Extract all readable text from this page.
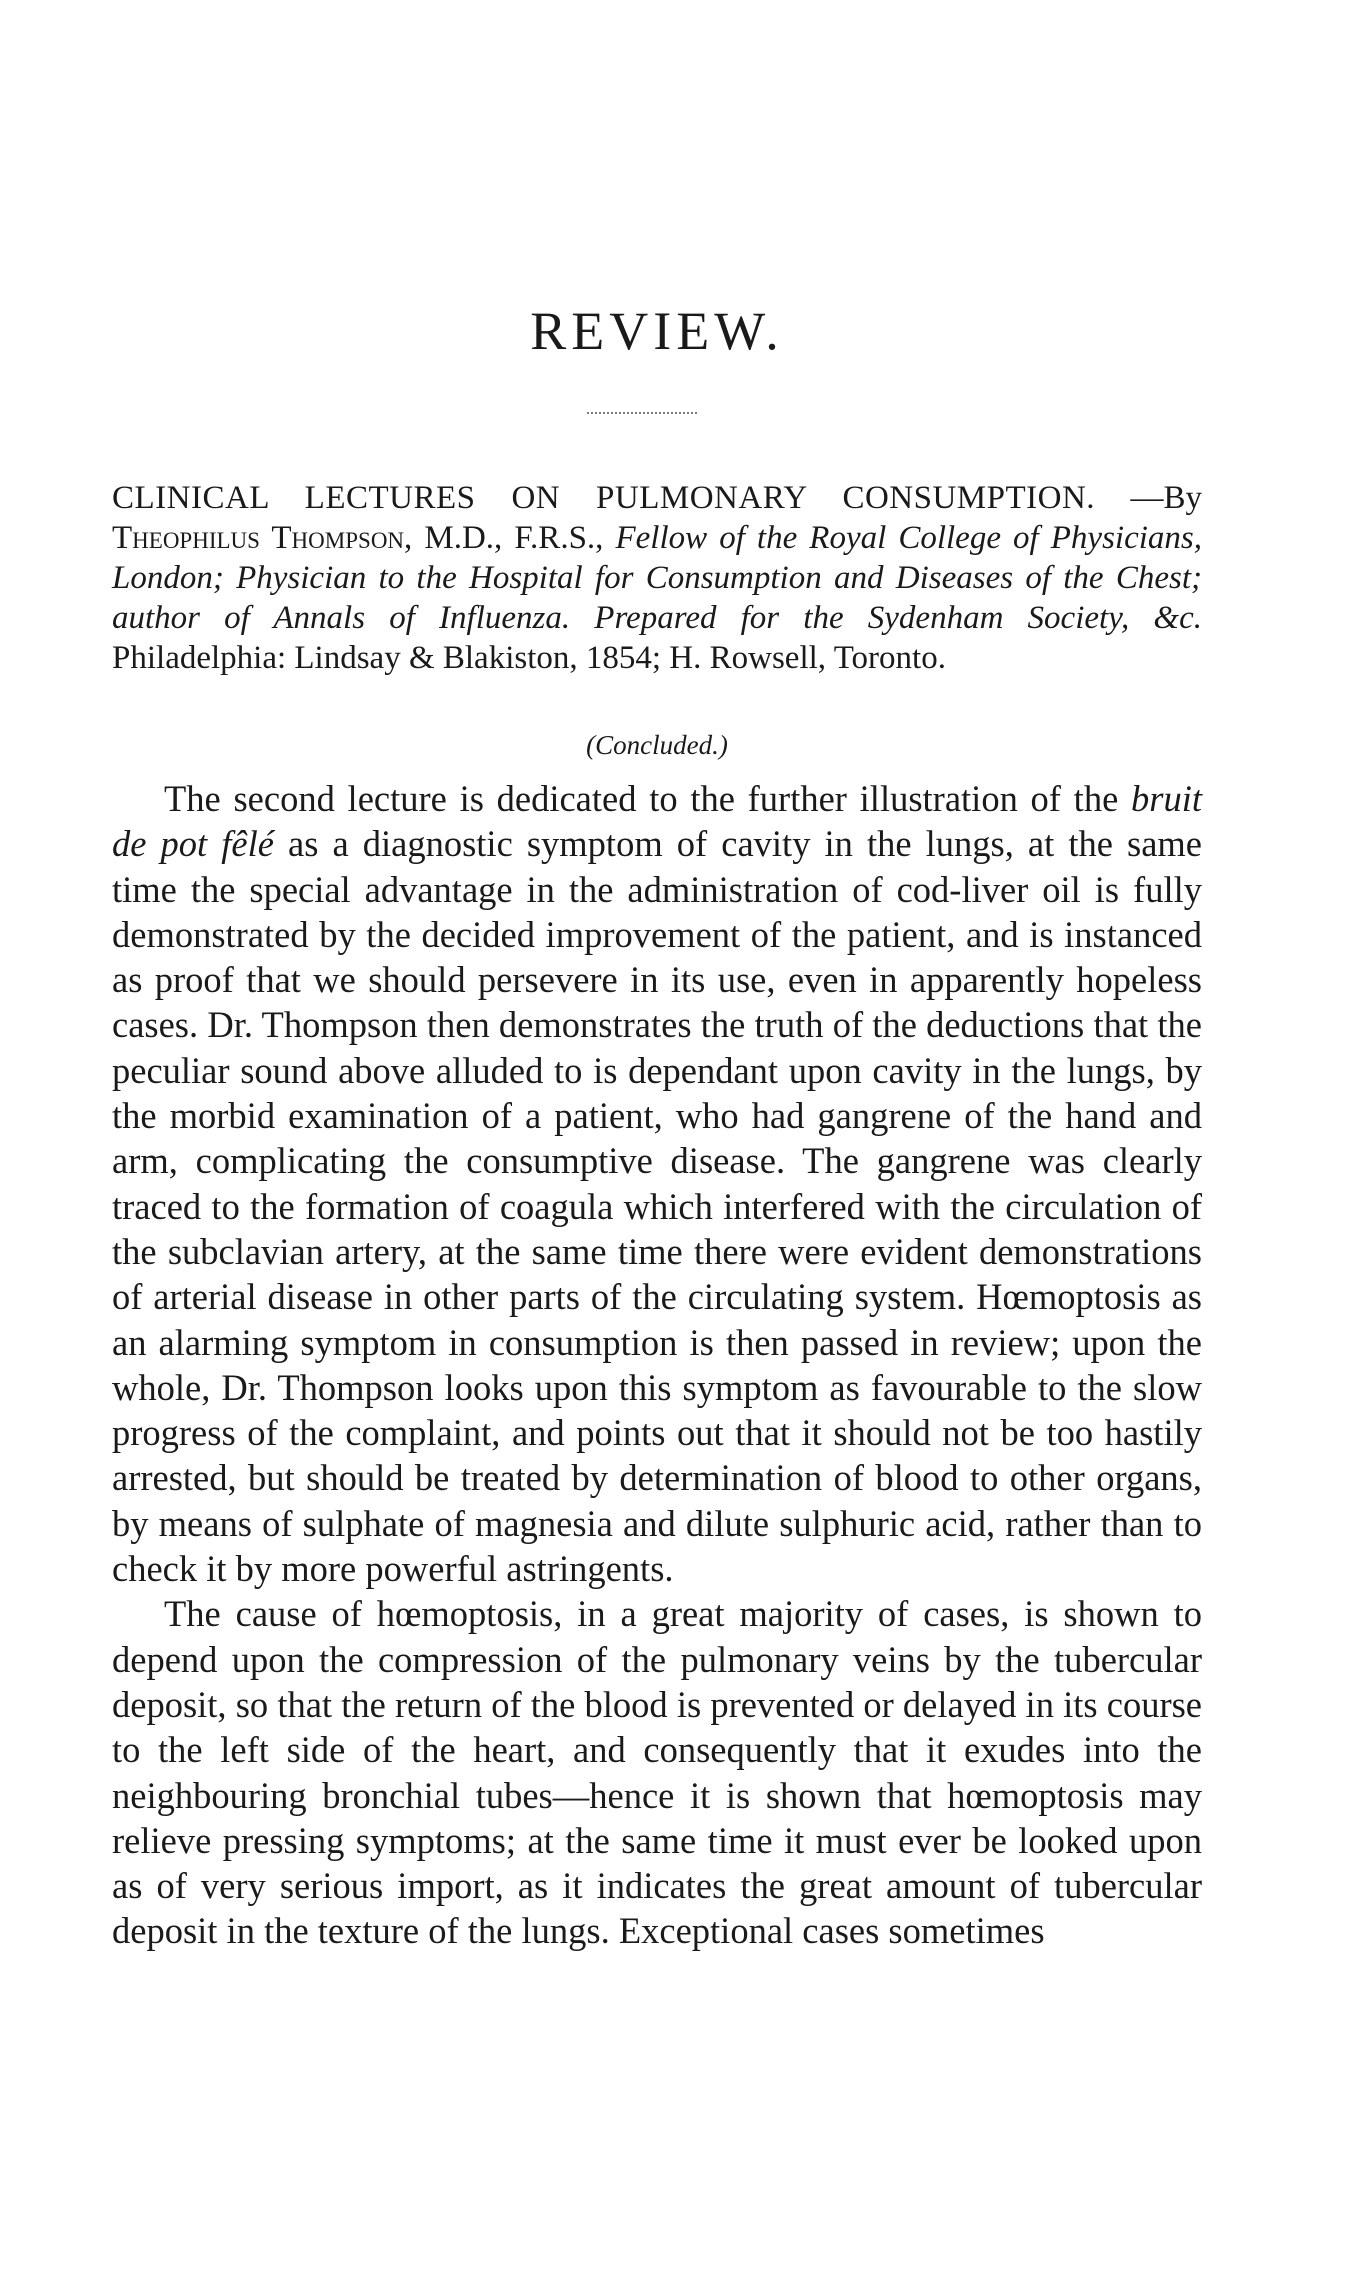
REVIEW.
CLINICAL LECTURES ON PULMONARY CONSUMPTION. —By Theophilus Thompson, M.D., F.R.S., Fellow of the Royal College of Physicians, London; Physician to the Hospital for Consumption and Diseases of the Chest; author of Annals of Influenza. Prepared for the Sydenham Society, &c. Philadelphia: Lindsay & Blakiston, 1854; H. Rowsell, Toronto.
(Concluded.)

The second lecture is dedicated to the further illustration of the bruit de pot fêlé as a diagnostic symptom of cavity in the lungs, at the same time the special advantage in the administration of cod-liver oil is fully demonstrated by the decided improvement of the patient, and is instanced as proof that we should persevere in its use, even in apparently hopeless cases. Dr. Thompson then demonstrates the truth of the deductions that the peculiar sound above alluded to is dependant upon cavity in the lungs, by the morbid examination of a patient, who had gangrene of the hand and arm, complicating the consumptive disease. The gangrene was clearly traced to the formation of coagula which interfered with the circulation of the subclavian artery, at the same time there were evident demonstrations of arterial disease in other parts of the circulating system. Hœmoptosis as an alarming symptom in consumption is then passed in review; upon the whole, Dr. Thompson looks upon this symptom as favourable to the slow progress of the complaint, and points out that it should not be too hastily arrested, but should be treated by determination of blood to other organs, by means of sulphate of magnesia and dilute sulphuric acid, rather than to check it by more powerful astringents.

The cause of hœmoptosis, in a great majority of cases, is shown to depend upon the compression of the pulmonary veins by the tubercular deposit, so that the return of the blood is prevented or delayed in its course to the left side of the heart, and consequently that it exudes into the neighbouring bronchial tubes—hence it is shown that hœmoptosis may relieve pressing symptoms; at the same time it must ever be looked upon as of very serious import, as it indicates the great amount of tubercular deposit in the texture of the lungs. Exceptional cases sometimes
